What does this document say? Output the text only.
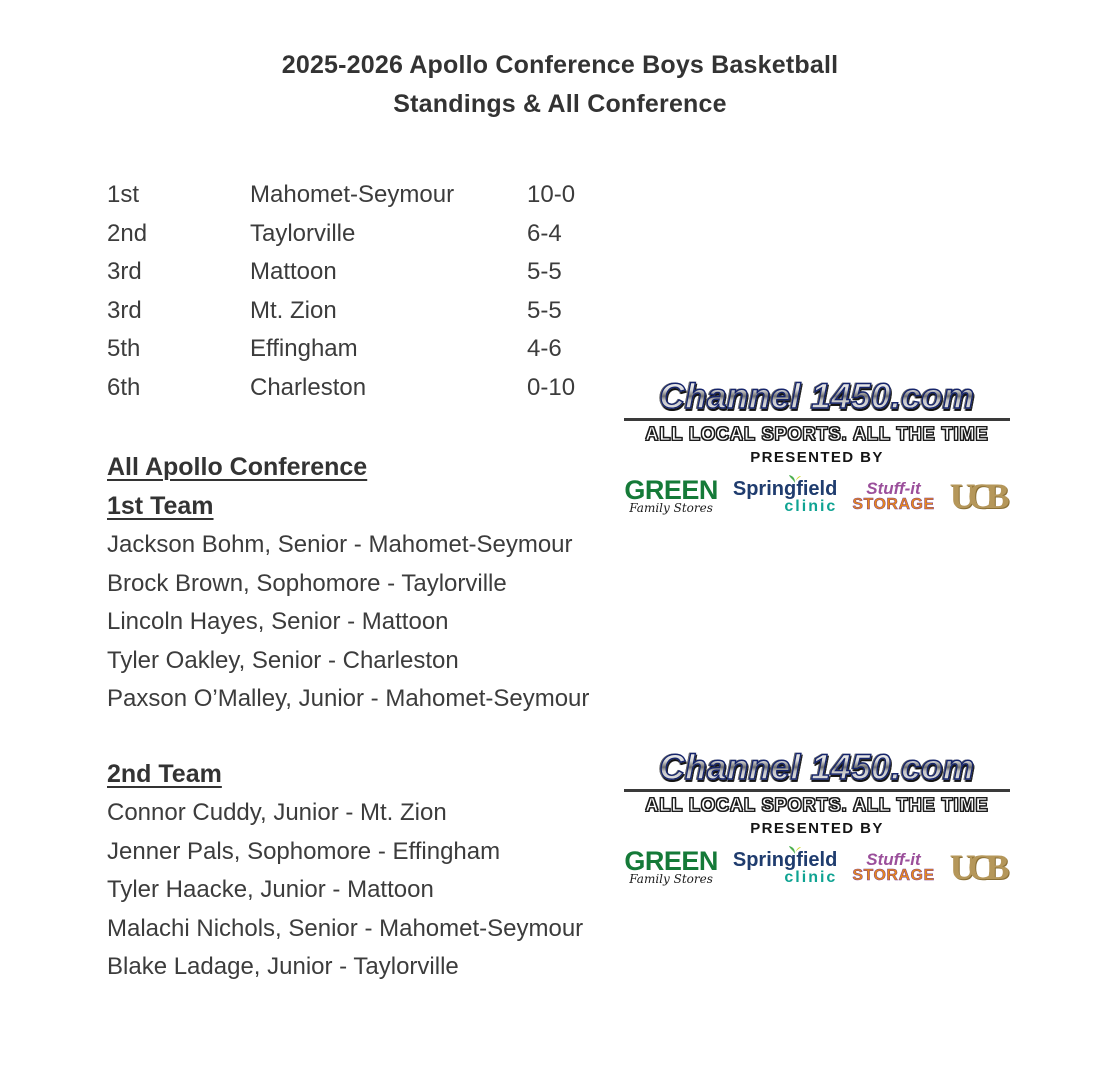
2025-2026 Apollo Conference Boys Basketball
Standings & All Conference
1st	Mahomet-Seymour	10-0
2nd	Taylorville	6-4
3rd	Mattoon	5-5
3rd	Mt. Zion	5-5
5th	Effingham	4-6
6th	Charleston	0-10	Channel 1450.com
ALL LOCAL SPORTS. ALL THE TIME
PRESENTED BY
GREEN
Family Stores
Springfield
clinic
Stuff-it
STORAGE UCB
All Apollo Conference
1st Team
Jackson Bohm, Senior - Mahomet-Seymour
Brock Brown, Sophomore - Taylorville
Lincoln Hayes, Senior - Mattoon
Tyler Oakley, Senior - Charleston
Paxson O’Malley, Junior - Mahomet-Seymour
2nd Team
Connor Cuddy, Junior - Mt. Zion
Jenner Pals, Sophomore - Effingham
Tyler Haacke, Junior - Mattoon
Malachi Nichols, Senior - Mahomet-Seymour
Blake Ladage, Junior - Taylorville
Channel 1450.com
ALL LOCAL SPORTS. ALL THE TIME
PRESENTED BY
GREEN
Family Stores
Springfield
clinic
Stuff-it
STORAGE UCB
